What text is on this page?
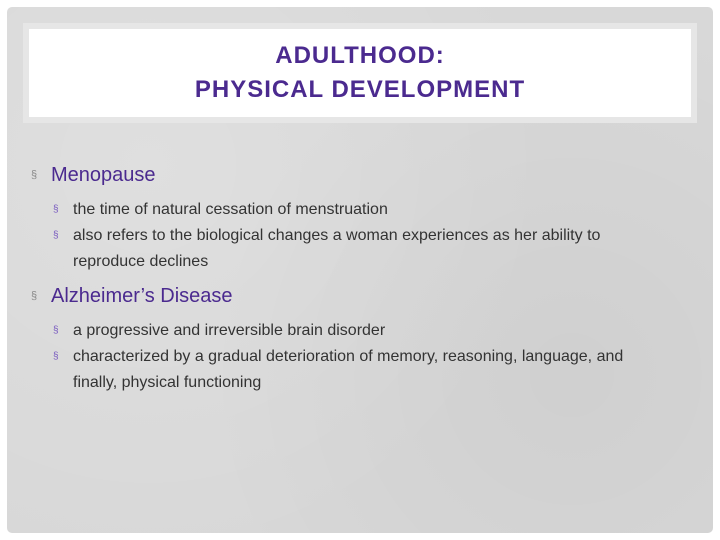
ADULTHOOD:
PHYSICAL DEVELOPMENT
§ Menopause
§ the time of natural cessation of menstruation
§ also refers to the biological changes a woman experiences as her ability to reproduce declines
§ Alzheimer’s Disease
§ a progressive and irreversible brain disorder
§ characterized by a gradual deterioration of memory, reasoning, language, and finally, physical functioning
